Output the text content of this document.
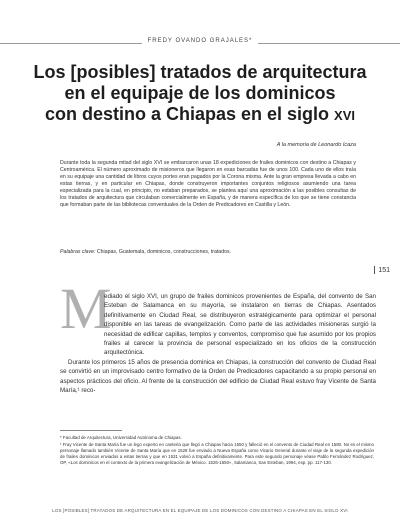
FREDY OVANDO GRAJALES*
Los [posibles] tratados de arquitectura
en el equipaje de los dominicos
con destino a Chiapas en el siglo XVI
A la memoria de Leonardo Icaza

Durante toda la segunda mitad del siglo XVI se embarcaron unas 18 expediciones de frailes dominicos con destino a Chiapas y Centroamérica. El número aproximado de misioneros que llegaron en esas barcadas fue de unos 100. Cada uno de ellos traía en su equipaje una cantidad de libros cuyos portes eran pagados por la Corona misma. Ante la gran empresa llevada a cabo en estas tierras, y en particular en Chiapas, donde construyeron importantes conjuntos religiosos asumiendo una tarea especializada para la cual, en principio, no estaban preparados, se plantea aquí una aproximación a las posibles consultas de los tratados de arquitectura que circulaban comercialmente en España, y de manera específica de los que se tiene constancia que formaban parte de las bibliotecas conventuales de la Orden de Predicadores en Castilla y León.

Palabras clave: Chiapas, Guatemala, dominicos, construcciones, tratados.
151
M

ediado el siglo XVI, un grupo de frailes dominicos provenientes de España, del convento de San Esteban de Salamanca en su mayoría, se instalaron en tierras de Chiapas. Asentados definitivamente en Ciudad Real, se distribuyeron estratégicamente para optimizar el personal disponible en las tareas de evangelización. Como parte de las actividades misioneras surgió la necesidad de edificar capillas, templos y conventos, compromiso que fue asumido por los propios frailes al carecer la provincia de personal especializado en los oficios de la construcción arquitectónica.

Durante los primeros 15 años de presencia dominica en Chiapas, la construcción del convento de Ciudad Real se convirtió en un improvisado centro formativo de la Orden de Predicadores capacitando a su propio personal en aspectos prácticos del oficio. Al frente de la construcción del edificio de Ciudad Real estuvo fray Vicente de Santa María,¹ reco-

* Facultad de Arquitectura, Universidad Autónoma de Chiapas.

¹ Fray Vicente de Santa María fue un lego experto en canteria que llegó a Chiapas hacia 1550 y falleció en el convento de Ciudad Real en 1580. No es el mismo personaje llamado también Vicente de Santa María que en 1528 fue enviado a Nueva España como Vicario General durante el viaje de la segunda expedición de frailes dominicos enviados a estas tierras y que en 1531 volvió a España definitivamente. Para este segundo personaje véase Pablo Fernández Rodríguez, OP, «Los dominicos en el contexto de la primera evangelización de México. 1526-1550», Salamanca, San Esteban, 1994, esp. pp. 117-130.

LOS [POSIBLES] TRATADOS DE ARQUITECTURA EN EL EQUIPAJE DE LOS DOMINICOS CON DESTINO A CHIAPAS EN EL SIGLO XVI
